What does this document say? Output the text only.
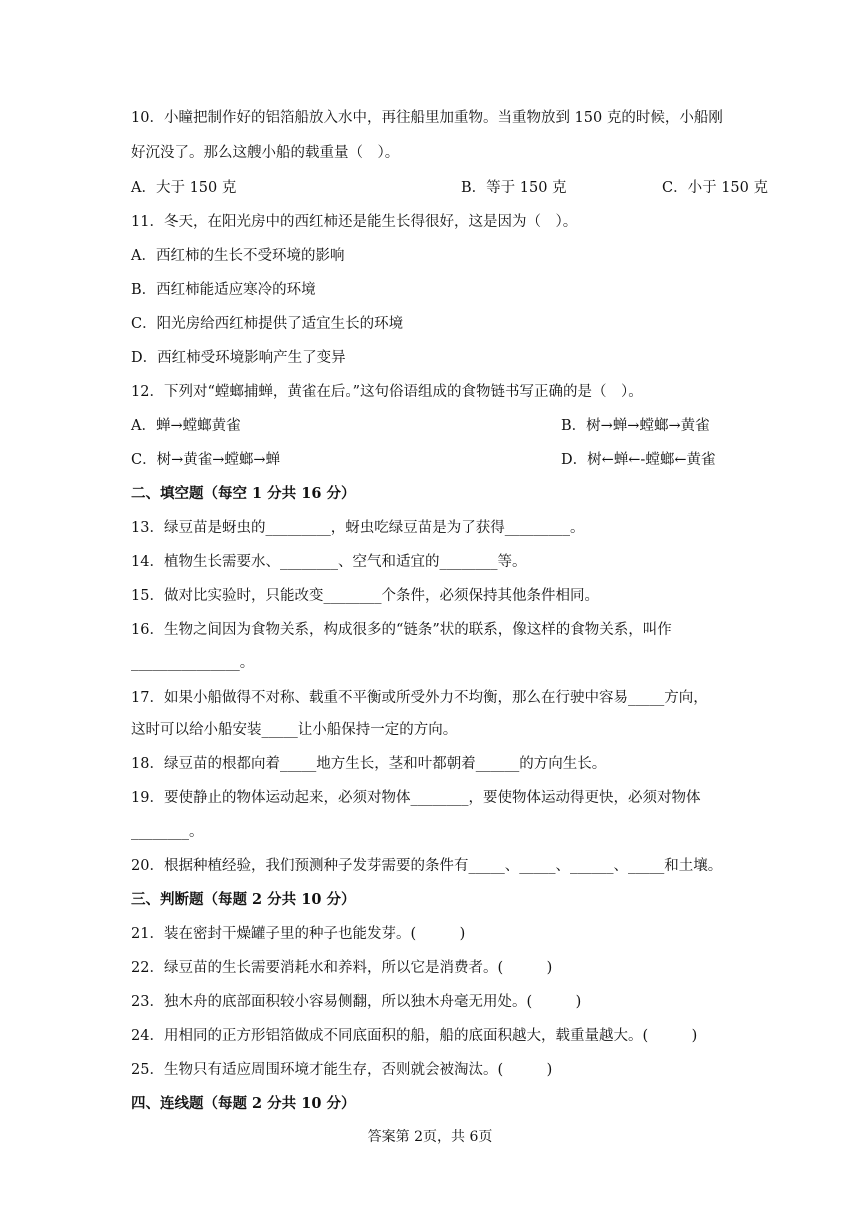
10．小瞳把制作好的铝箔船放入水中，再往船里加重物。当重物放到 150 克的时候，小船刚
好沉没了。那么这艘小船的载重量（　）。
A．大于 150 克	B．等于 150 克	C．小于 150 克
11．冬天，在阳光房中的西红柿还是能生长得很好，这是因为（　）。
A．西红柿的生长不受环境的影响
B．西红柿能适应寒冷的环境
C．阳光房给西红柿提供了适宜生长的环境
D．西红柿受环境影响产生了变异
12．下列对“螳螂捕蝉，黄雀在后。”这句俗语组成的食物链书写正确的是（　）。
A．蝉→螳螂黄雀	B．树→蝉→螳螂→黄雀
C．树→黄雀→螳螂→蝉	D．树←蝉←-螳螂←黄雀
二、填空题（每空 1 分共 16 分）
13．绿豆苗是蚜虫的_________，蚜虫吃绿豆苗是为了获得_________。
14．植物生长需要水、________、空气和适宜的________等。
15．做对比实验时，只能改变________个条件，必须保持其他条件相同。
16．生物之间因为食物关系，构成很多的“链条”状的联系，像这样的食物关系，叫作
_______________。
17．如果小船做得不对称、载重不平衡或所受外力不均衡，那么在行驶中容易_____方向，
这时可以给小船安装_____让小船保持一定的方向。
18．绿豆苗的根都向着_____地方生长，茎和叶都朝着______的方向生长。
19．要使静止的物体运动起来，必须对物体________，要使物体运动得更快，必须对物体
________。
20．根据种植经验，我们预测种子发芽需要的条件有_____、_____、______、_____和土壤。
三、判断题（每题 2 分共 10 分）
21．装在密封干燥罐子里的种子也能发芽。(　　　)
22．绿豆苗的生长需要消耗水和养料，所以它是消费者。(　　　)
23．独木舟的底部面积较小容易侧翻，所以独木舟毫无用处。(　　　)
24．用相同的正方形铝箔做成不同底面积的船，船的底面积越大，载重量越大。(　　　)
25．生物只有适应周围环境才能生存，否则就会被淘汰。(　　　)
四、连线题（每题 2 分共 10 分）
答案第 2页，共 6页
